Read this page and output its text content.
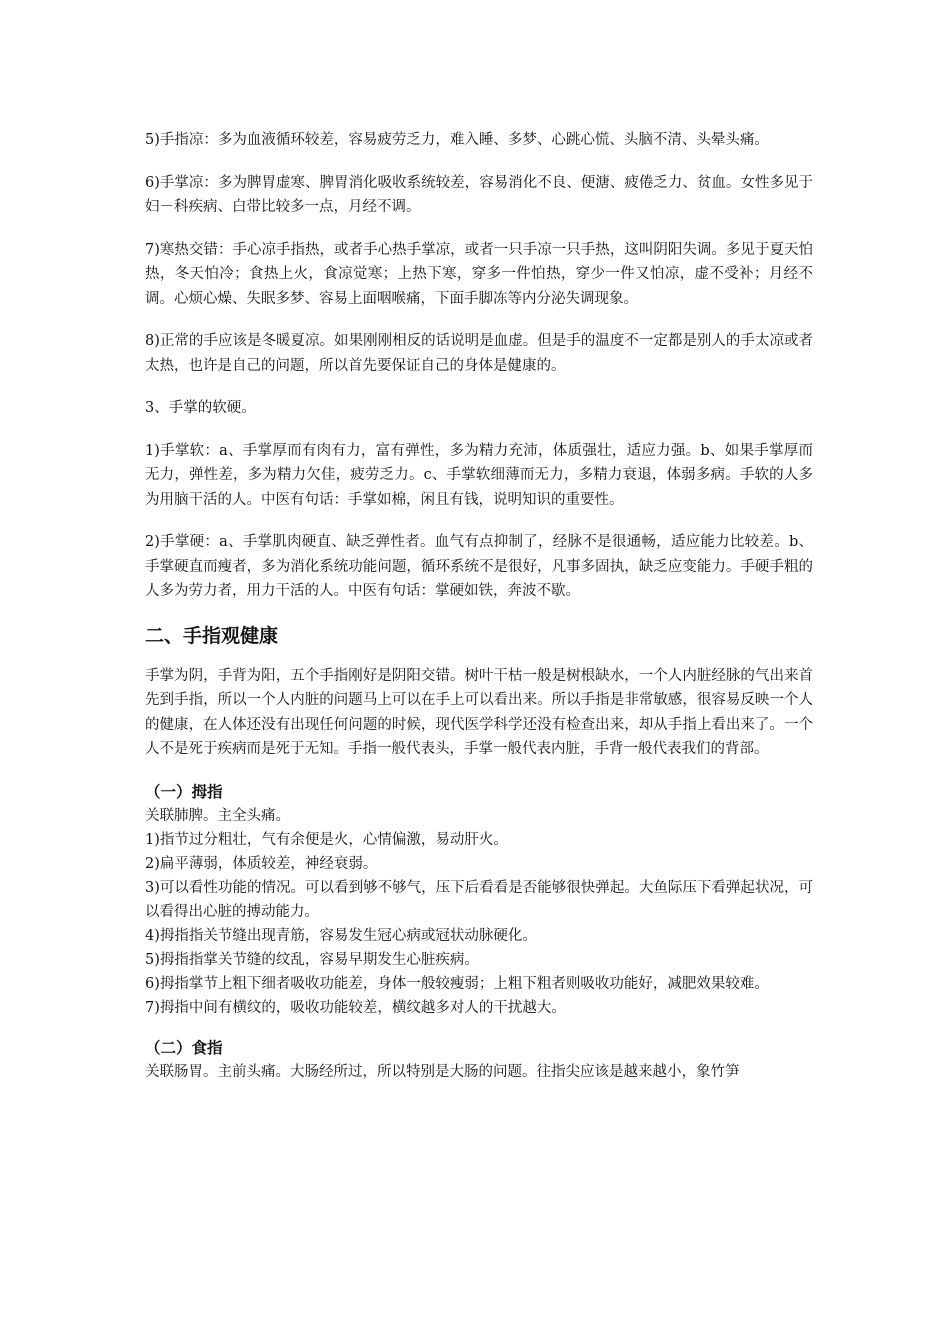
5)手指凉：多为血液循环较差，容易疲劳乏力，难入睡、多梦、心跳心慌、头脑不清、头晕头痛。

6)手掌凉：多为脾胃虚寒、脾胃消化吸收系统较差，容易消化不良、便溏、疲倦乏力、贫血。女性多见于妇－科疾病、白带比较多一点，月经不调。

7)寒热交错：手心凉手指热，或者手心热手掌凉，或者一只手凉一只手热，这叫阴阳失调。多见于夏天怕热，冬天怕冷；食热上火，食凉觉寒；上热下寒，穿多一件怕热，穿少一件又怕凉，虚不受补；月经不调。心烦心燥、失眠多梦、容易上面咽喉痛，下面手脚冻等内分泌失调现象。

8)正常的手应该是冬暖夏凉。如果刚刚相反的话说明是血虚。但是手的温度不一定都是别人的手太凉或者太热，也许是自己的问题，所以首先要保证自己的身体是健康的。

3、手掌的软硬。

1)手掌软：a、手掌厚而有肉有力，富有弹性，多为精力充沛，体质强壮，适应力强。b、如果手掌厚而无力，弹性差，多为精力欠佳，疲劳乏力。c、手掌软细薄而无力，多精力衰退，体弱多病。手软的人多为用脑干活的人。中医有句话：手掌如棉，闲且有钱，说明知识的重要性。

2)手掌硬：a、手掌肌肉硬直、缺乏弹性者。血气有点抑制了，经脉不是很通畅，适应能力比较差。b、手掌硬直而瘦者，多为消化系统功能问题，循环系统不是很好，凡事多固执，缺乏应变能力。手硬手粗的人多为劳力者，用力干活的人。中医有句话：掌硬如铁，奔波不歇。

二、手指观健康

手掌为阴，手背为阳，五个手指刚好是阴阳交错。树叶干枯一般是树根缺水，一个人内脏经脉的气出来首先到手指，所以一个人内脏的问题马上可以在手上可以看出来。所以手指是非常敏感，很容易反映一个人的健康，在人体还没有出现任何问题的时候，现代医学科学还没有检查出来，却从手指上看出来了。一个人不是死于疾病而是死于无知。手指一般代表头，手掌一般代表内脏，手背一般代表我们的背部。

（一）拇指

关联肺脾。主全头痛。

1)指节过分粗壮，气有余便是火，心情偏激，易动肝火。

2)扁平薄弱，体质较差，神经衰弱。

3)可以看性功能的情况。可以看到够不够气，压下后看看是否能够很快弹起。大鱼际压下看弹起状况，可以看得出心脏的搏动能力。

4)拇指指关节缝出现青筋，容易发生冠心病或冠状动脉硬化。

5)拇指指掌关节缝的纹乱，容易早期发生心脏疾病。

6)拇指掌节上粗下细者吸收功能差，身体一般较瘦弱；上粗下粗者则吸收功能好，减肥效果较难。

7)拇指中间有横纹的，吸收功能较差，横纹越多对人的干扰越大。

（二）食指

关联肠胃。主前头痛。大肠经所过，所以特别是大肠的问题。往指尖应该是越来越小，象竹笋
